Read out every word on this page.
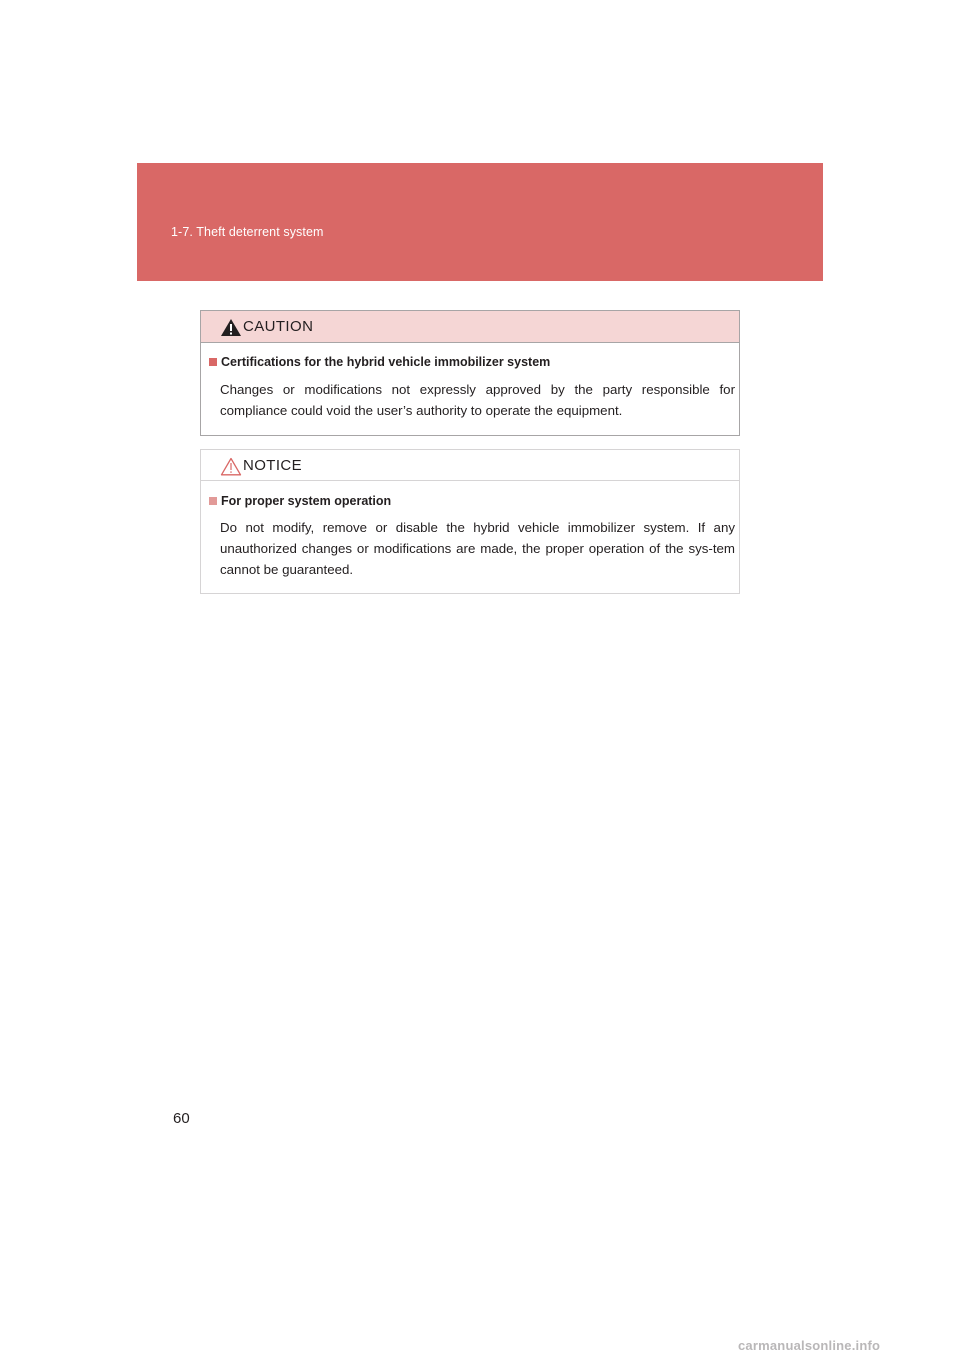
1-7. Theft deterrent system
CAUTION
Certifications for the hybrid vehicle immobilizer system
Changes or modifications not expressly approved by the party responsible for compliance could void the user’s authority to operate the equipment.
NOTICE
For proper system operation
Do not modify, remove or disable the hybrid vehicle immobilizer system. If any unauthorized changes or modifications are made, the proper operation of the sys-tem cannot be guaranteed.
60
carmanualsonline.info
